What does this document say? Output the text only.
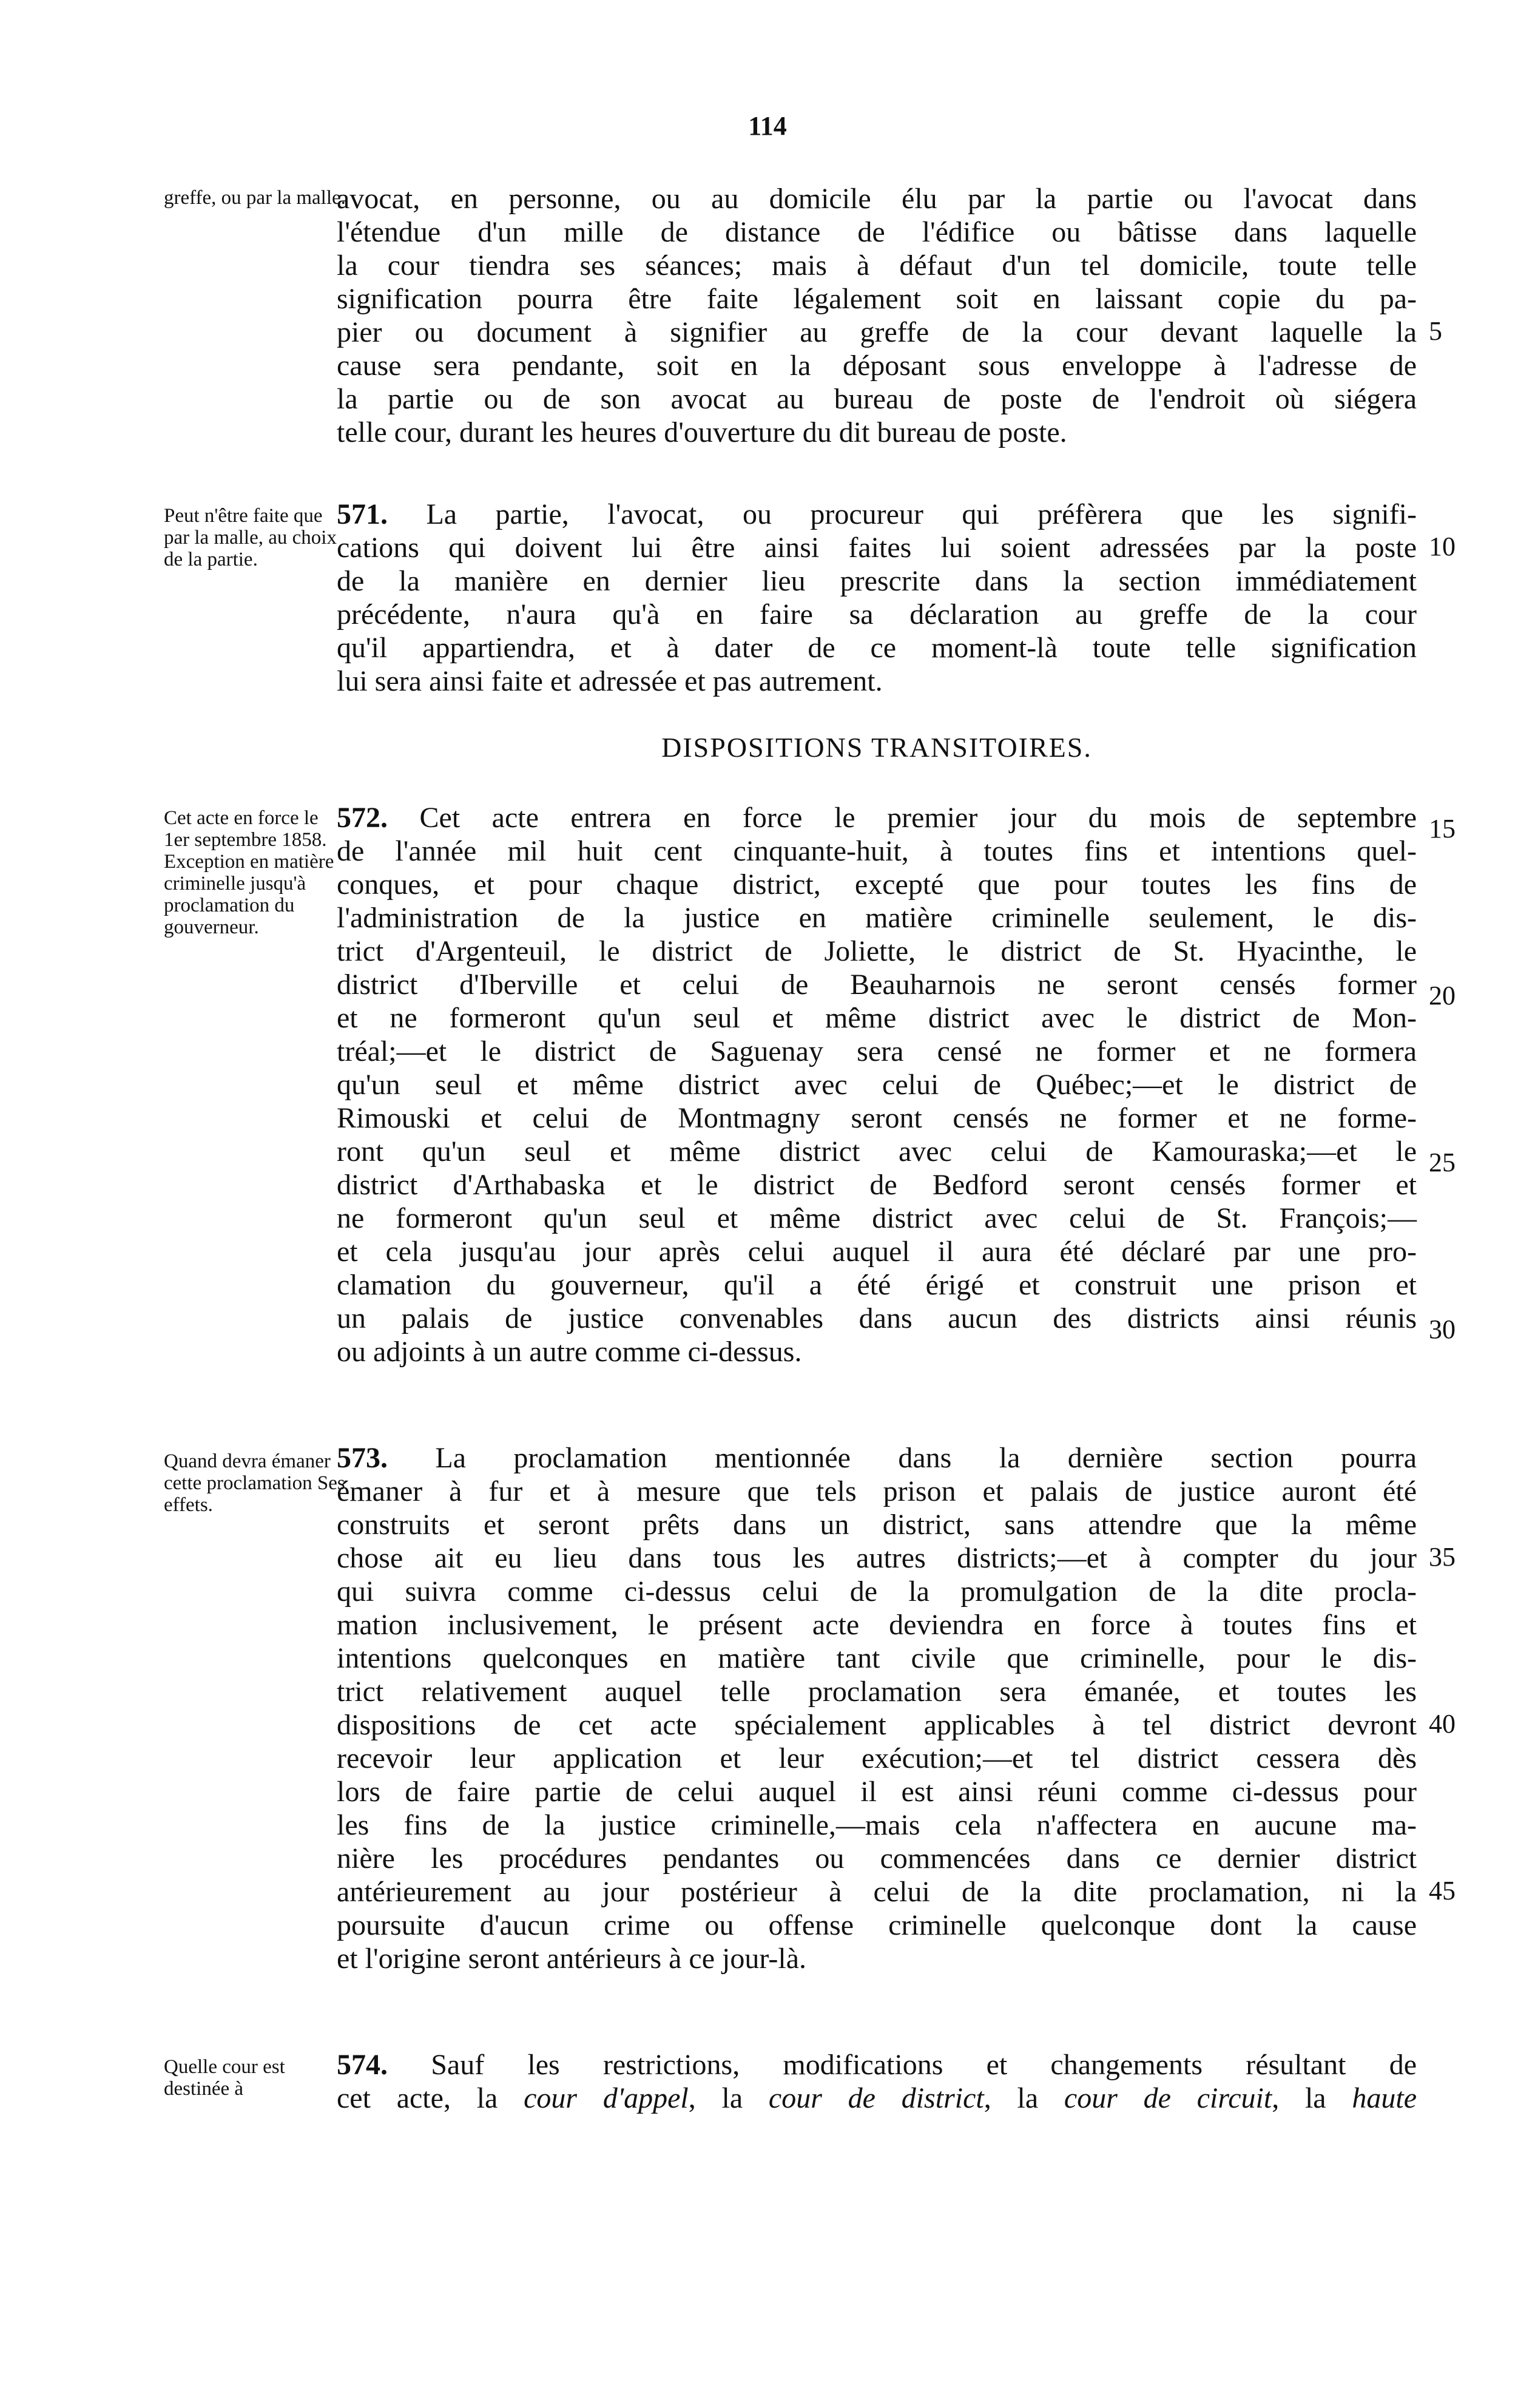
114

greffe, ou par la malle.

Peut n'être faite que par la malle, au choix de la partie.

Cet acte en force le 1er septembre 1858. Exception en matière criminelle jusqu'à proclamation du gouverneur.

Quand devra émaner cette proclamation Ses effets.

Quelle cour est destinée à

avocat, en personne, ou au domicile élu par la partie ou l'avocat dans
l'étendue d'un mille de distance de l'édifice ou bâtisse dans laquelle
la cour tiendra ses séances; mais à défaut d'un tel domicile, toute telle
signification pourra être faite légalement soit en laissant copie du pa-
pier ou document à signifier au greffe de la cour devant laquelle la
cause sera pendante, soit en la déposant sous enveloppe à l'adresse de
la partie ou de son avocat au bureau de poste de l'endroit où siégera
telle cour, durant les heures d'ouverture du dit bureau de poste.
571. La partie, l'avocat, ou procureur qui préfèrera que les signifi-
cations qui doivent lui être ainsi faites lui soient adressées par la poste
de la manière en dernier lieu prescrite dans la section immédiatement
précédente, n'aura qu'à en faire sa déclaration au greffe de la cour
qu'il appartiendra, et à dater de ce moment-là toute telle signification
lui sera ainsi faite et adressée et pas autrement.
DISPOSITIONS TRANSITOIRES.
572. Cet acte entrera en force le premier jour du mois de septembre
de l'année mil huit cent cinquante-huit, à toutes fins et intentions quel-
conques, et pour chaque district, excepté que pour toutes les fins de
l'administration de la justice en matière criminelle seulement, le dis-
trict d'Argenteuil, le district de Joliette, le district de St. Hyacinthe, le
district d'Iberville et celui de Beauharnois ne seront censés former
et ne formeront qu'un seul et même district avec le district de Mon-
tréal;—et le district de Saguenay sera censé ne former et ne formera
qu'un seul et même district avec celui de Québec;—et le district de
Rimouski et celui de Montmagny seront censés ne former et ne forme-
ront qu'un seul et même district avec celui de Kamouraska;—et le
district d'Arthabaska et le district de Bedford seront censés former et
ne formeront qu'un seul et même district avec celui de St. François;—
et cela jusqu'au jour après celui auquel il aura été déclaré par une pro-
clamation du gouverneur, qu'il a été érigé et construit une prison et
un palais de justice convenables dans aucun des districts ainsi réunis
ou adjoints à un autre comme ci-dessus.
573. La proclamation mentionnée dans la dernière section pourra
émaner à fur et à mesure que tels prison et palais de justice auront été
construits et seront prêts dans un district, sans attendre que la même
chose ait eu lieu dans tous les autres districts;—et à compter du jour
qui suivra comme ci-dessus celui de la promulgation de la dite procla-
mation inclusivement, le présent acte deviendra en force à toutes fins et
intentions quelconques en matière tant civile que criminelle, pour le dis-
trict relativement auquel telle proclamation sera émanée, et toutes les
dispositions de cet acte spécialement applicables à tel district devront
recevoir leur application et leur exécution;—et tel district cessera dès
lors de faire partie de celui auquel il est ainsi réuni comme ci-dessus pour
les fins de la justice criminelle,—mais cela n'affectera en aucune ma-
nière les procédures pendantes ou commencées dans ce dernier district
antérieurement au jour postérieur à celui de la dite proclamation, ni la
poursuite d'aucun crime ou offense criminelle quelconque dont la cause
et l'origine seront antérieurs à ce jour-là.
574. Sauf les restrictions, modifications et changements résultant de
cet acte, la cour d'appel, la cour de district, la cour de circuit, la haute
5
10
15
20
25
30
35
40
45
